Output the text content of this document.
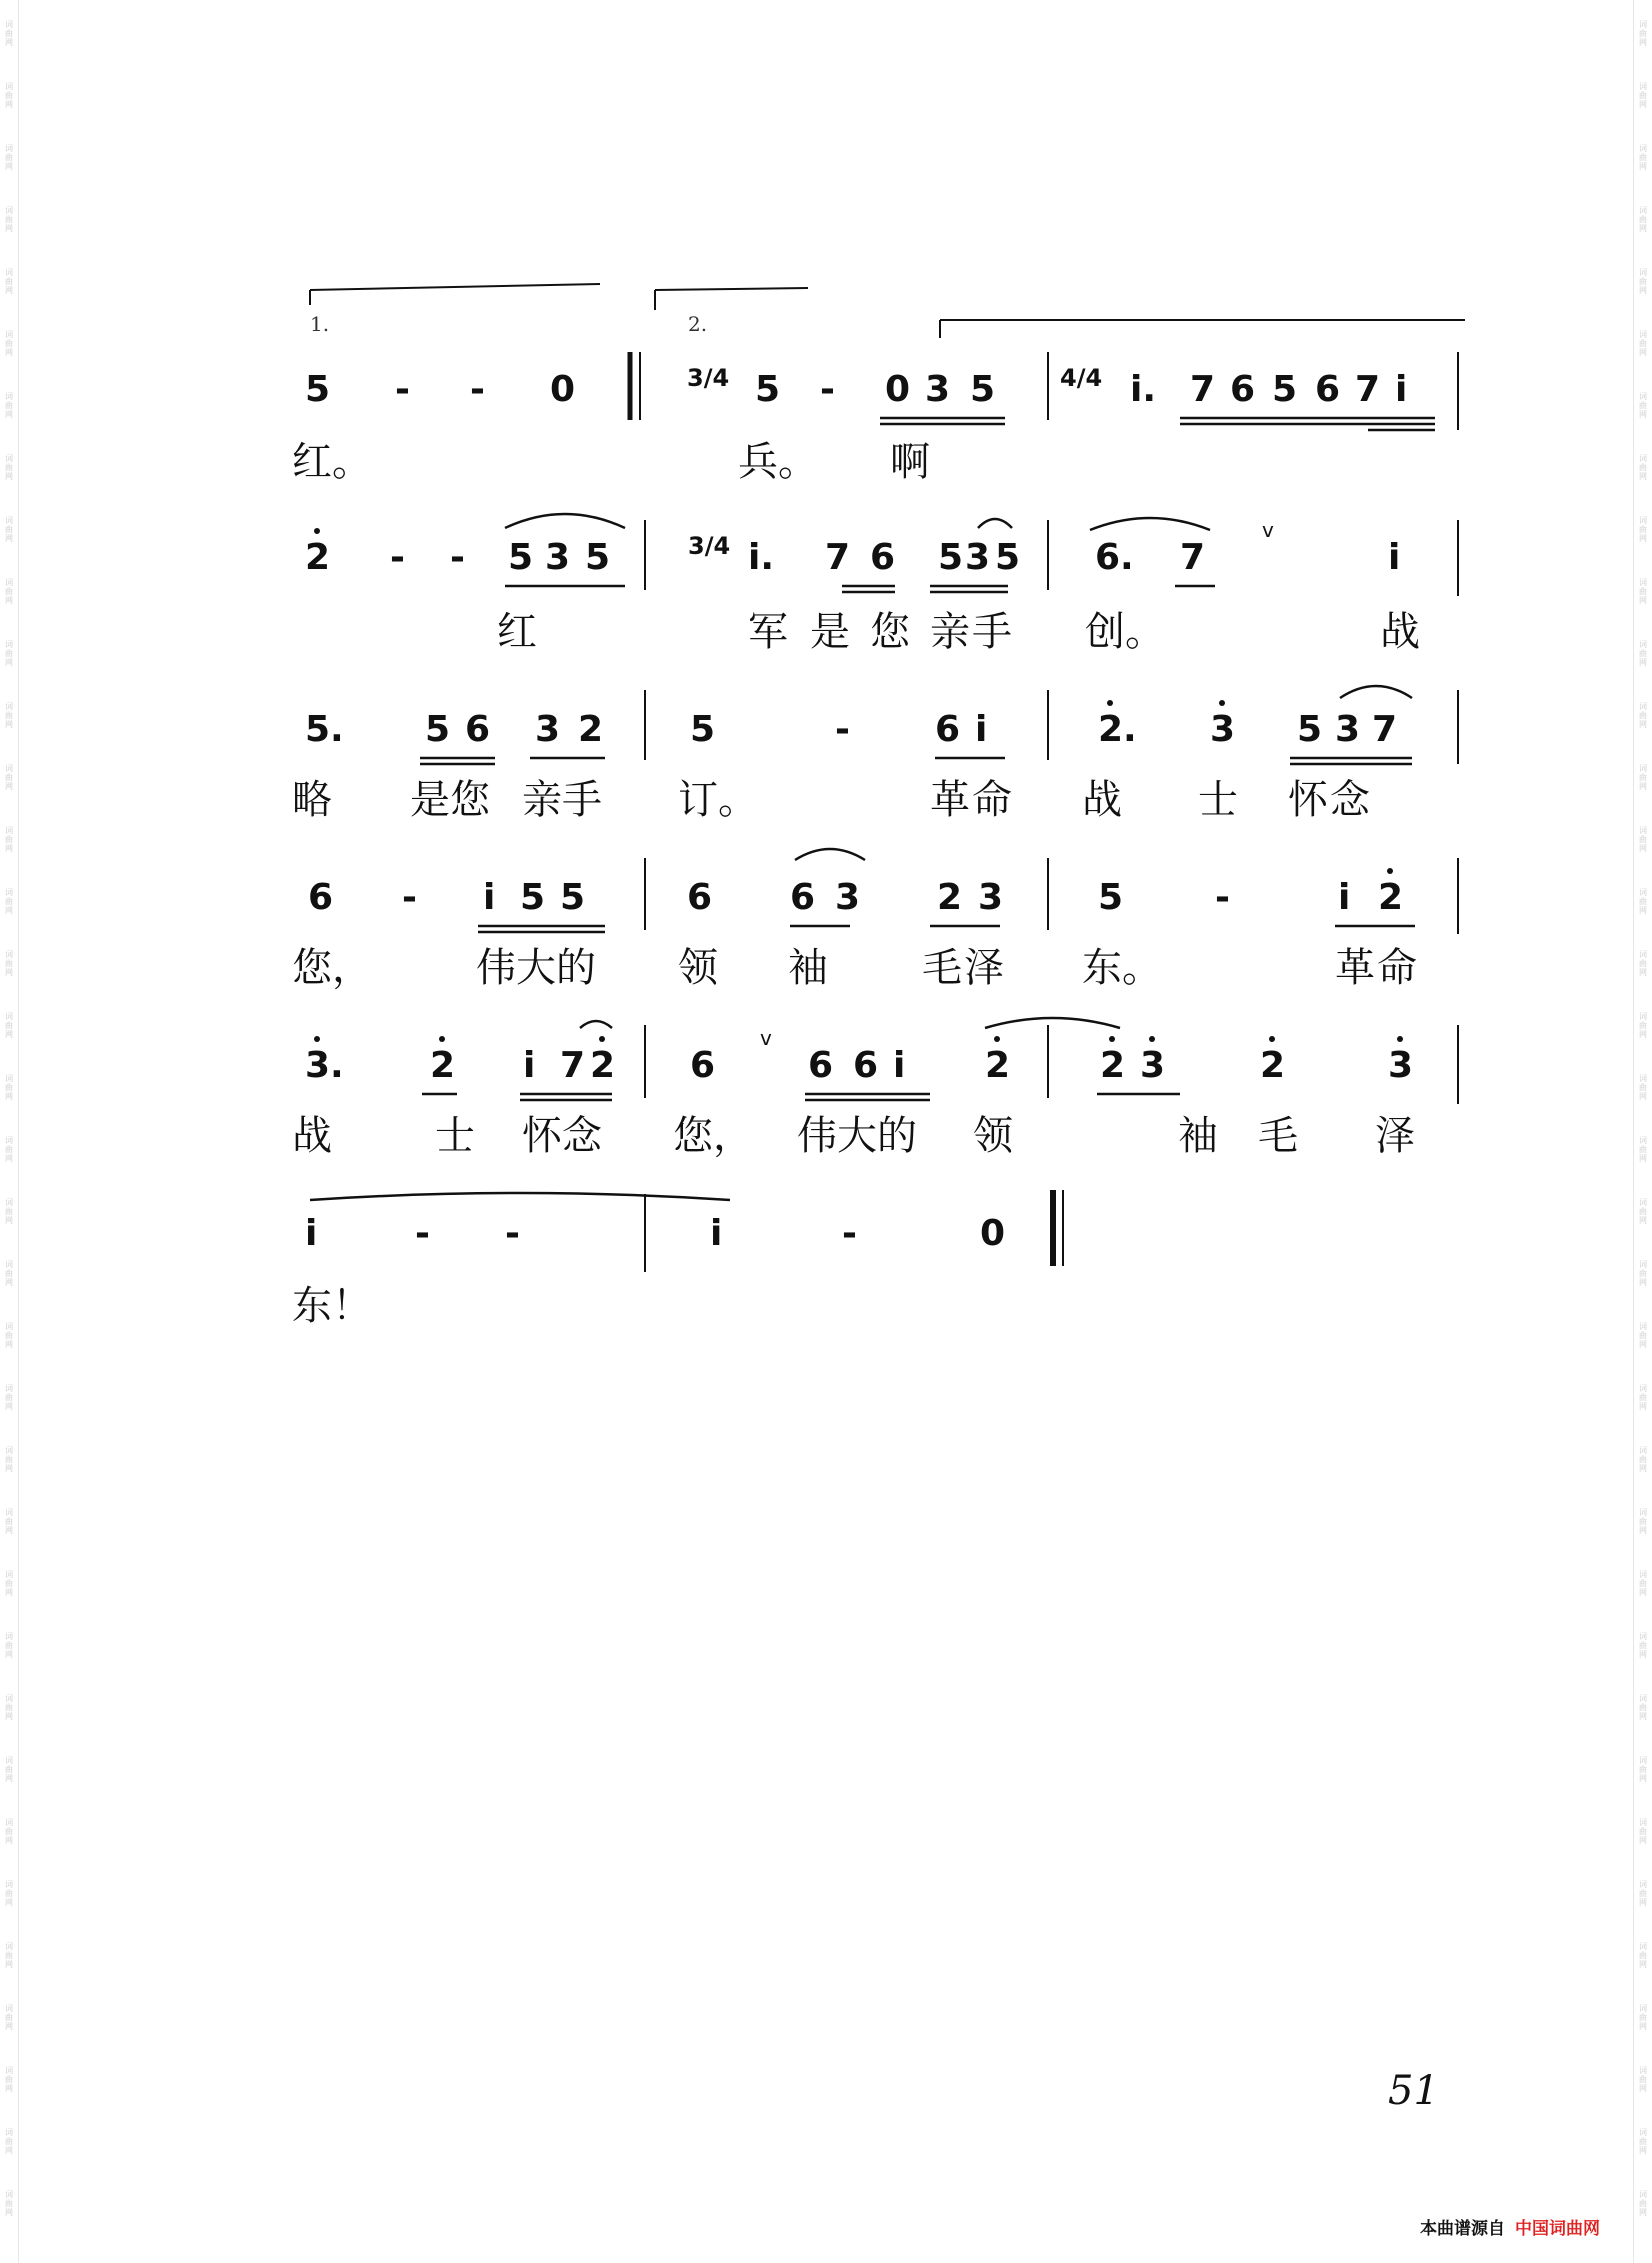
词曲网
词曲网
词曲网
词曲网
词曲网
词曲网
词曲网
词曲网
词曲网
词曲网
词曲网
词曲网
词曲网
词曲网
词曲网
词曲网
词曲网
词曲网
词曲网
词曲网
词曲网
词曲网
词曲网
词曲网
词曲网
词曲网
词曲网
词曲网
词曲网
词曲网
词曲网
词曲网
词曲网
词曲网
词曲网
词曲网
词曲网
词曲网
词曲网
词曲网
词曲网
词曲网
词曲网
词曲网
词曲网
词曲网
词曲网
词曲网
词曲网
词曲网
词曲网
词曲网
词曲网
词曲网
词曲网
词曲网
词曲网
词曲网
词曲网
词曲网
词曲网
词曲网
词曲网
词曲网
词曲网
词曲网
词曲网
词曲网
词曲网
词曲网
词曲网
词曲网
5 - - 0	3/4 5 - 0 3 5	4/4 i. 7 6 5 6 7 i
红。	兵。 啊
2 - - 5 3 5	3/4 i. 7 6 5 3 5 6. 7
v
i
红	军 是 您 亲 手 创。	战
5. 5 6 3 2 5	- 6 i	2. 3 5 3 7
略 是 您 亲 手 订。	革 命 战 士 怀 念
6 - i 5 5	6 6 3 2 3	5	-	i 2
您，	伟 大 的 领 袖 毛 泽 东。	革 命
3. 2 i 7 2 6
v
6 6 i 2 2 3	2	3
战	士 怀 念 您， 伟 大 的 领	袖 毛 泽
i	- -	i	-	0
东！
1.	2.
51
本曲谱源自 中国词曲网
